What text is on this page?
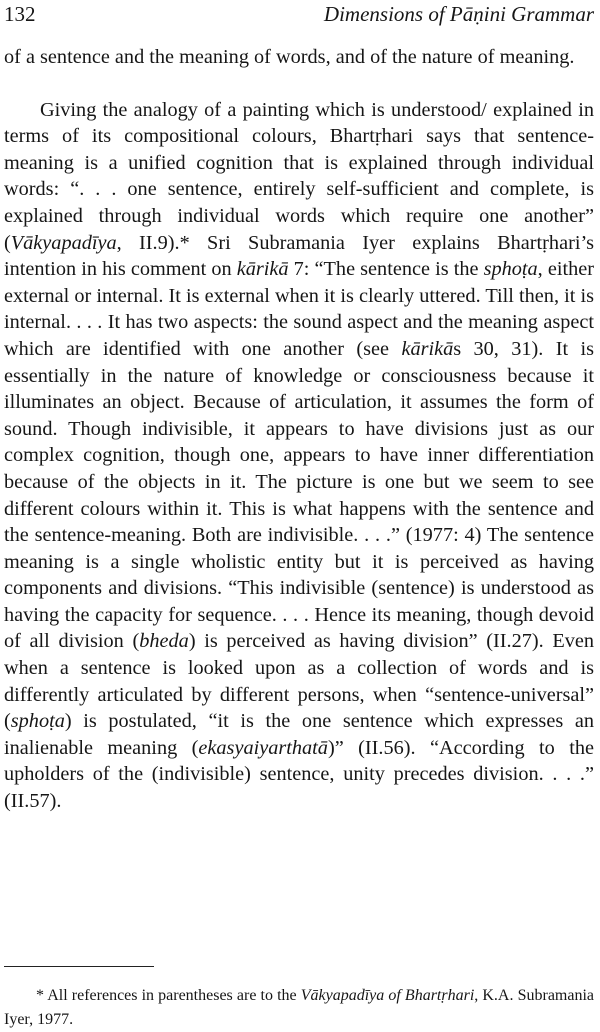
132	Dimensions of Pāṇini Grammar

of a sentence and the meaning of words, and of the nature of meaning.

Giving the analogy of a painting which is understood/ explained in terms of its compositional colours, Bhartṛhari says that sentence-meaning is a unified cognition that is explained through individual words: “. . . one sentence, entirely self-sufficient and complete, is explained through individual words which require one another” (Vākyapadīya, II.9).* Sri Subramania Iyer explains Bhartṛhari’s intention in his comment on kārikā 7: “The sentence is the sphoṭa, either external or internal. It is external when it is clearly uttered. Till then, it is internal. . . . It has two aspects: the sound aspect and the meaning aspect which are identified with one another (see kārikās 30, 31). It is essentially in the nature of knowledge or consciousness because it illuminates an object. Because of articulation, it assumes the form of sound. Though indivisible, it appears to have divisions just as our complex cognition, though one, appears to have inner differentiation because of the objects in it. The picture is one but we seem to see different colours within it. This is what happens with the sentence and the sentence-meaning. Both are indivisible. . . .” (1977: 4) The sentence meaning is a single wholistic entity but it is perceived as having components and divisions. “This indivisible (sentence) is understood as having the capacity for sequence. . . . Hence its meaning, though devoid of all division (bheda) is perceived as having division” (II.27). Even when a sentence is looked upon as a collection of words and is differently articulated by different persons, when “sentence-universal” (sphoṭa) is postulated, “it is the one sentence which expresses an inalienable meaning (ekasyaiyarthatā)” (II.56). “According to the upholders of the (indivisible) sentence, unity precedes division. . . .” (II.57).

* All references in parentheses are to the Vākyapadīya of Bhartṛhari, K.A. Subramania Iyer, 1977.
